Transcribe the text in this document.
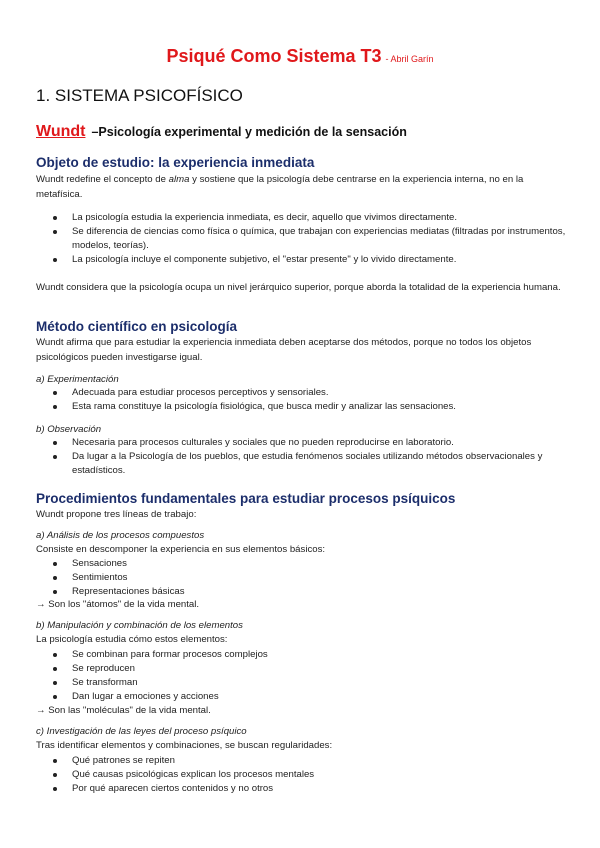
Psiqué Como Sistema T3 - Abril Garín
1. SISTEMA PSICOFÍSICO
Wundt –Psicología experimental y medición de la sensación
Objeto de estudio: la experiencia inmediata
Wundt redefine el concepto de alma y sostiene que la psicología debe centrarse en la experiencia interna, no en la metafísica.
La psicología estudia la experiencia inmediata, es decir, aquello que vivimos directamente.
Se diferencia de ciencias como física o química, que trabajan con experiencias mediatas (filtradas por instrumentos, modelos, teorías).
La psicología incluye el componente subjetivo, el "estar presente" y lo vivido directamente.
Wundt considera que la psicología ocupa un nivel jerárquico superior, porque aborda la totalidad de la experiencia humana.
Método científico en psicología
Wundt afirma que para estudiar la experiencia inmediata deben aceptarse dos métodos, porque no todos los objetos psicológicos pueden investigarse igual.
a) Experimentación
Adecuada para estudiar procesos perceptivos y sensoriales.
Esta rama constituye la psicología fisiológica, que busca medir y analizar las sensaciones.
b) Observación
Necesaria para procesos culturales y sociales que no pueden reproducirse en laboratorio.
Da lugar a la Psicología de los pueblos, que estudia fenómenos sociales utilizando métodos observacionales y estadísticos.
Procedimientos fundamentales para estudiar procesos psíquicos
Wundt propone tres líneas de trabajo:
a) Análisis de los procesos compuestos
Consiste en descomponer la experiencia en sus elementos básicos:
Sensaciones
Sentimientos
Representaciones básicas
→ Son los "átomos" de la vida mental.
b) Manipulación y combinación de los elementos
La psicología estudia cómo estos elementos:
Se combinan para formar procesos complejos
Se reproducen
Se transforman
Dan lugar a emociones y acciones
→ Son las "moléculas" de la vida mental.
c) Investigación de las leyes del proceso psíquico
Tras identificar elementos y combinaciones, se buscan regularidades:
Qué patrones se repiten
Qué causas psicológicas explican los procesos mentales
Por qué aparecen ciertos contenidos y no otros
